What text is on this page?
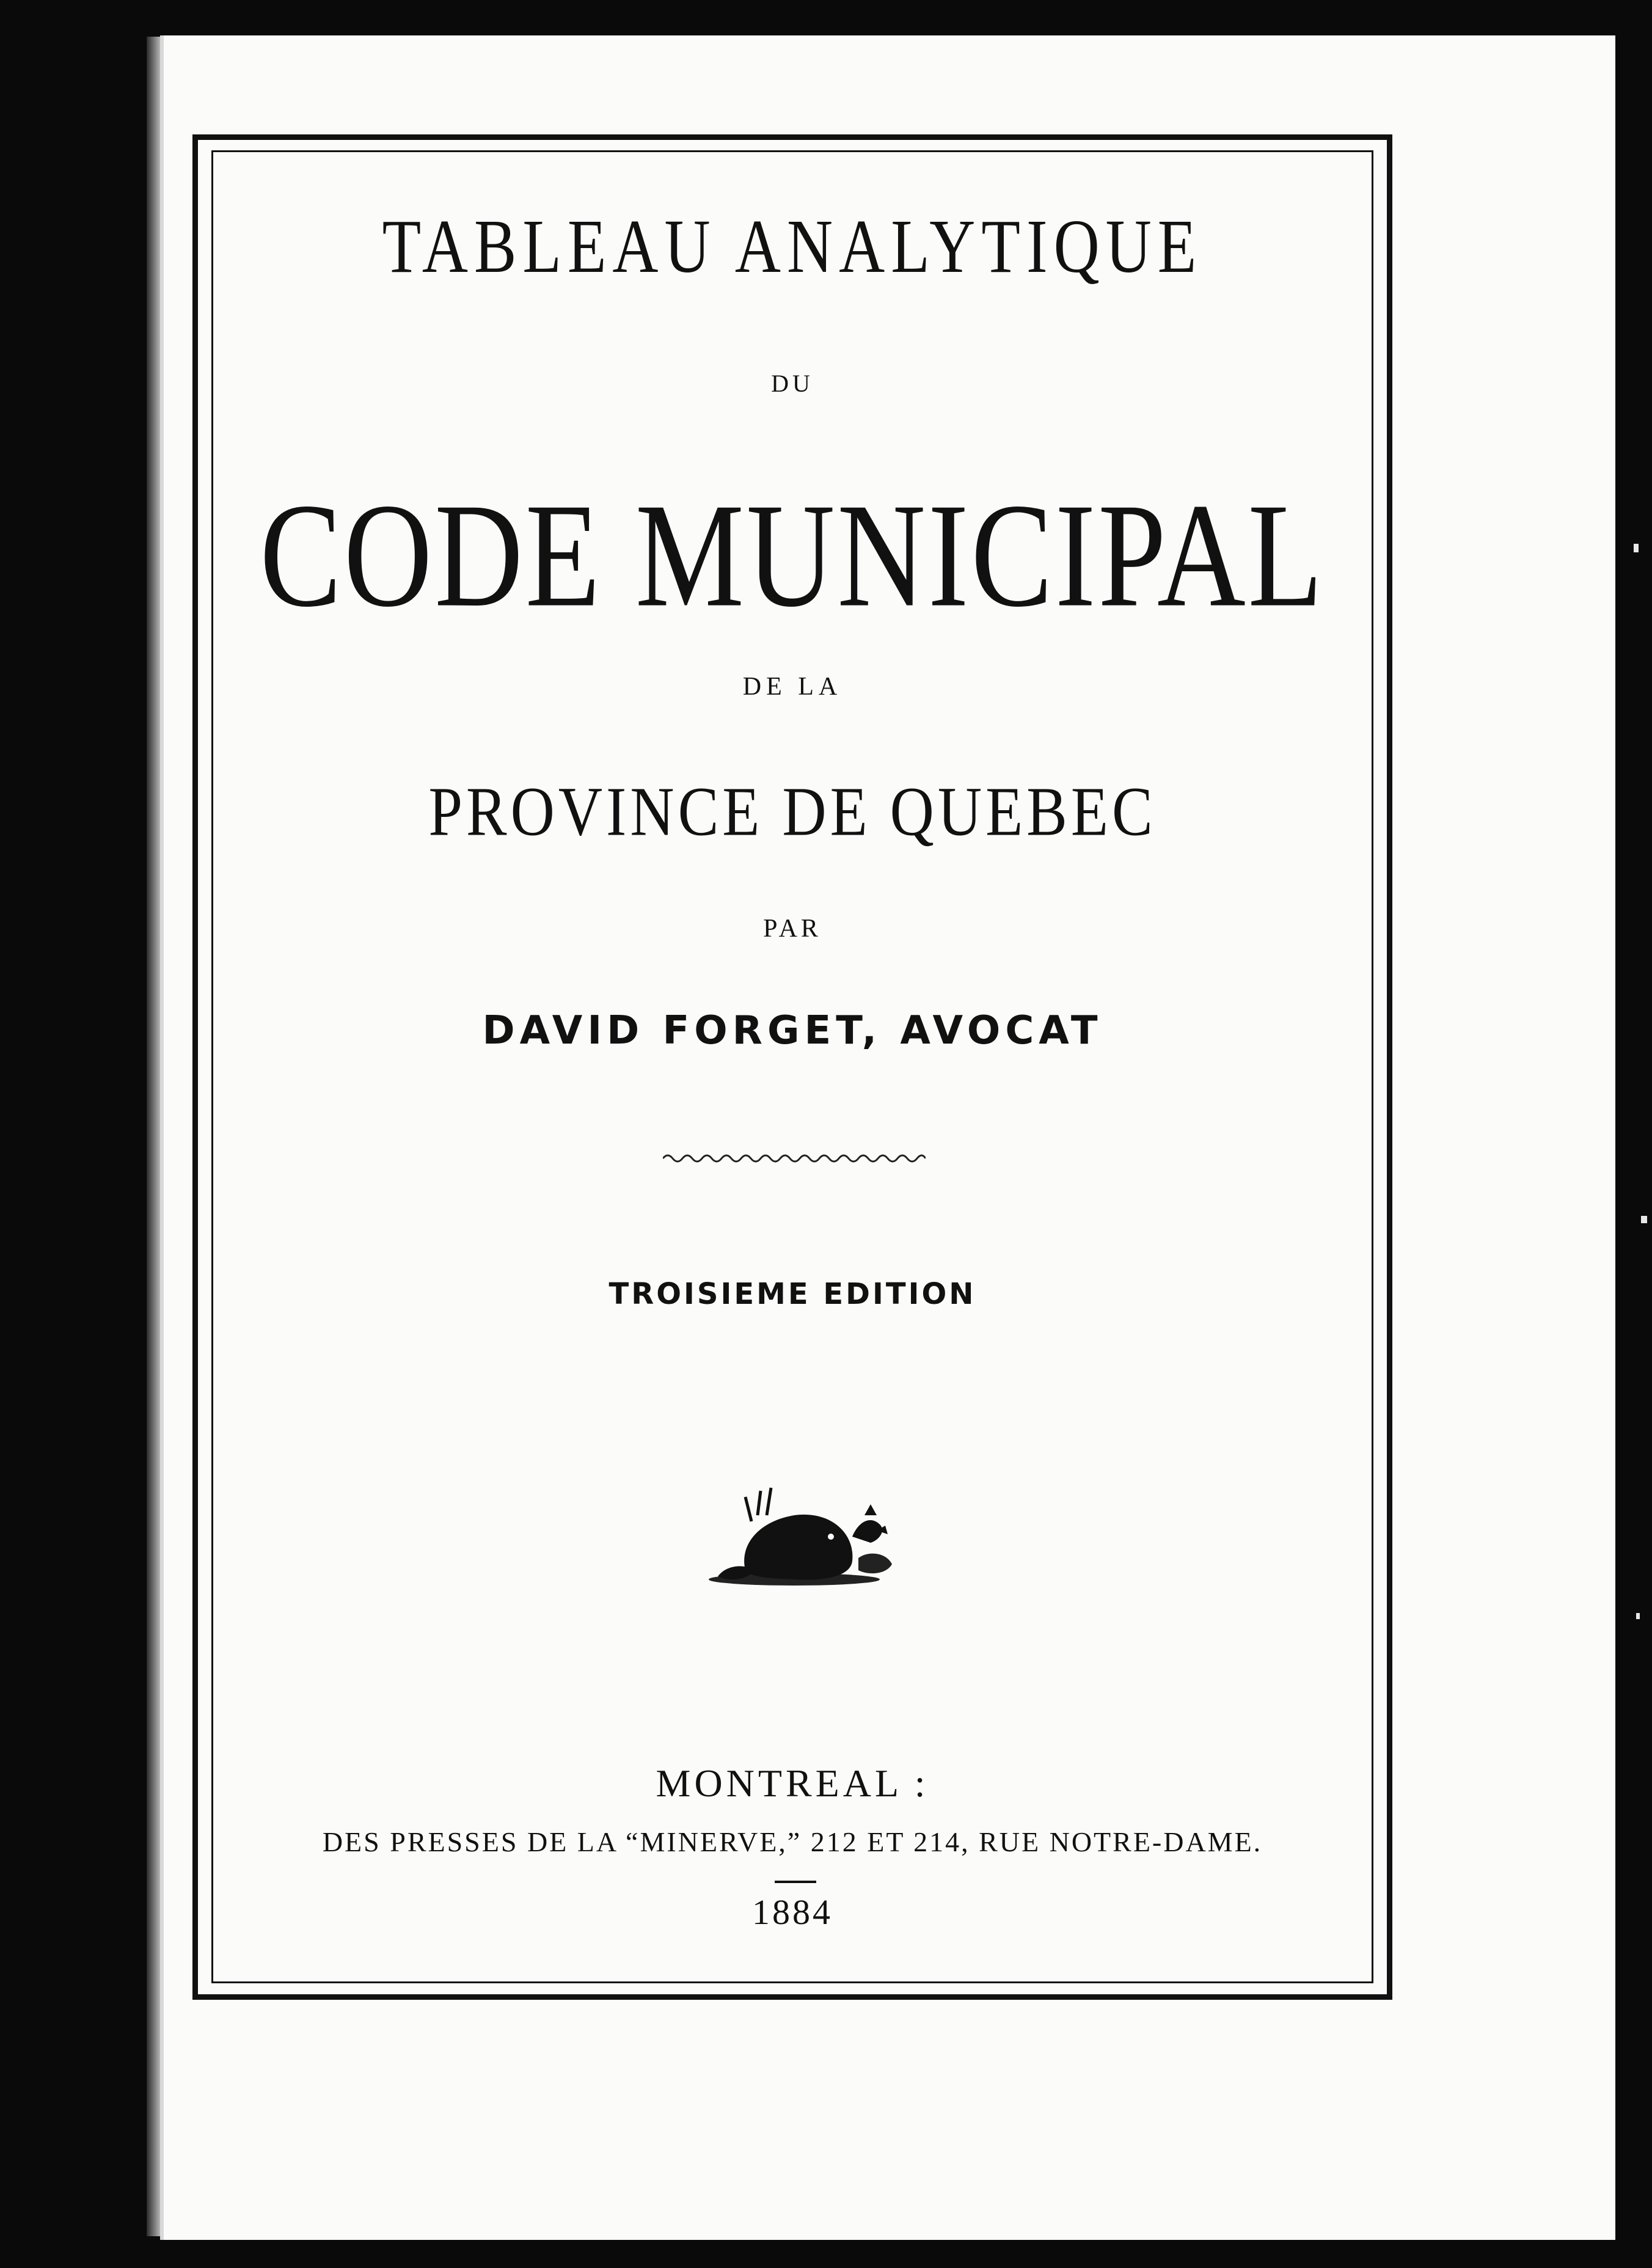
TABLEAU ANALYTIQUE
DU
CODE MUNICIPAL
DE LA
PROVINCE DE QUEBEC
PAR
DAVID FORGET, AVOCAT
TROISIEME EDITION
MONTREAL :
DES PRESSES DE LA “MINERVE,” 212 ET 214, RUE NOTRE-DAME.
1884
